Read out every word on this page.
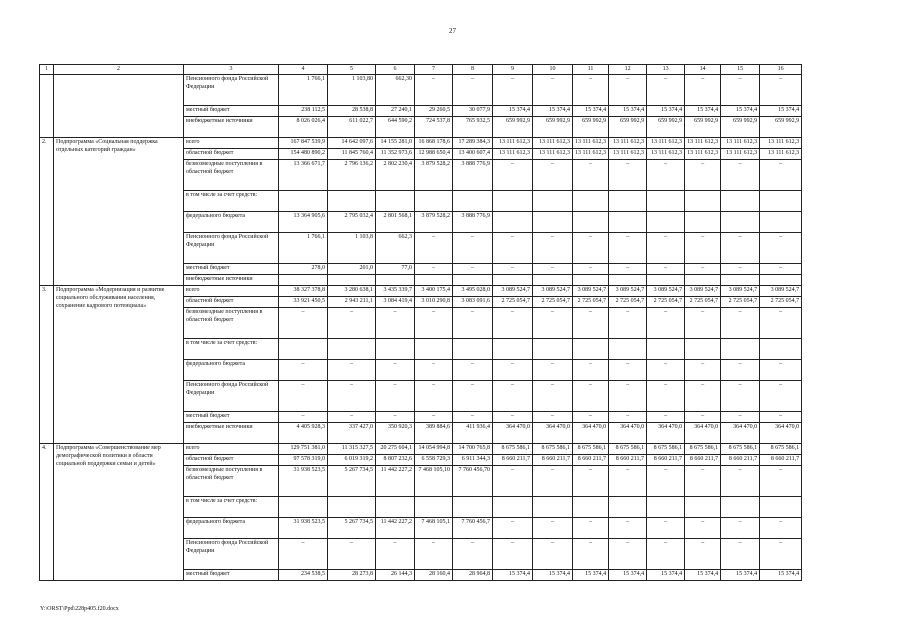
27
1	2	3	4	5	6	7	8	9	10	11	12	13	14	15	16
		Пенсионного фонда Российской Федерации	1 766,1	1 103,80	662,30	–	–	–	–	–	–	–	–	–	–
		местный бюджет	238 112,5	28 538,8	27 240,1	29 260,5	30 077,9	15 374,4	15 374,4	15 374,4	15 374,4	15 374,4	15 374,4	15 374,4	15 374,4
		внебюджетные источники	8 026 026,4	611 022,7	644 590,2	724 537,8	765 932,5	659 992,9	659 992,9	659 992,9	659 992,9	659 992,9	659 992,9	659 992,9	659 992,9
2.	Подпрограмма «Социальная поддержка отдельных категорий граждан»	всего	167 847 539,9	14 642 097,6	14 155 281,0	16 868 178,6	17 289 384,3	13 111 612,3	13 111 612,3	13 111 612,3	13 111 612,3	13 111 612,3	13 111 612,3	13 111 612,3	13 111 612,3
		областной бюджет	154 480 890,2	11 845 760,4	11 352 973,6	12 988 650,4	13 400 607,4	13 111 612,3	13 111 612,3	13 111 612,3	13 111 612,3	13 111 612,3	13 111 612,3	13 111 612,3	13 111 612,3
		безвозмездные поступления в областной бюджет	13 366 671,7	2 796 136,2	2 802 230,4	3 879 528,2	3 888 776,9	–	–	–	–	–	–	–	–
		в том числе за счет средств:													
		федерального бюджета	13 364 905,6	2 795 032,4	2 801 568,1	3 879 528,2	3 888 776,9								
		Пенсионного фонда Российской Федерации	1 766,1	1 103,8	662,3	–	–	–	–	–	–	–	–	–	–
		местный бюджет	278,0	201,0	77,0	–	–	–	–	–	–	–	–	–	–
		внебюджетные источники													
3.	Подпрограмма «Модернизация и развитие социального обслуживания населения, сохранение кадрового потенциала»	всего	38 327 378,8	3 280 638,1	3 435 339,7	3 400 175,4	3 495 028,0	3 089 524,7	3 089 524,7	3 089 524,7	3 089 524,7	3 089 524,7	3 089 524,7	3 089 524,7	3 089 524,7
		областной бюджет	33 921 450,5	2 943 211,1	3 084 419,4	3 010 290,8	3 083 091,6	2 725 054,7	2 725 054,7	2 725 054,7	2 725 054,7	2 725 054,7	2 725 054,7	2 725 054,7	2 725 054,7
		безвозмездные поступления в областной бюджет	–	–	–	–	–	–	–	–	–	–	–	–	–
		в том числе за счет средств:													
		федерального бюджета	–	–	–	–	–	–	–	–	–	–	–	–	–
		Пенсионного фонда Российской Федерации	–	–	–	–	–	–	–	–	–	–	–	–	–
		местный бюджет	–	–	–	–	–	–	–	–	–	–	–	–	–
		внебюджетные источники	4 405 928,3	337 427,0	350 920,3	389 884,6	411 936,4	364 470,0	364 470,0	364 470,0	364 470,0	364 470,0	364 470,0	364 470,0	364 470,0
4.	Подпрограмма «Совершенствование мер демографической политики в области социальной поддержки семьи и детей»	всего	129 751 381,0	11 315 327,5	20 275 604,1	14 054 994,8	14 700 765,8	8 675 586,1	8 675 586,1	8 675 586,1	8 675 586,1	8 675 586,1	8 675 586,1	8 675 586,1	8 675 586,1
		областной бюджет	97 578 319,0	6 019 319,2	8 807 232,6	6 558 729,3	6 911 344,3	8 660 211,7	8 660 211,7	8 660 211,7	8 660 211,7	8 660 211,7	8 660 211,7	8 660 211,7	8 660 211,7
		безвозмездные поступления в областной бюджет	31 938 523,5	5 267 734,5	11 442 227,2	7 468 105,10	7 760 456,70	–	–	–	–	–	–	–	–
		в том числе за счет средств:													
		федерального бюджета	31 938 523,5	5 267 734,5	11 442 227,2	7 468 105,1	7 760 456,7	–	–	–	–	–	–	–	–
		Пенсионного фонда Российской Федерации	–	–	–	–	–	–	–	–	–	–	–	–	–
		местный бюджет	234 538,5	28 273,8	26 144,3	28 160,4	28 964,8	15 374,4	15 374,4	15 374,4	15 374,4	15 374,4	15 374,4	15 374,4	15 374,4
Y:\ORST\Ppd\228p405.f20.docx
